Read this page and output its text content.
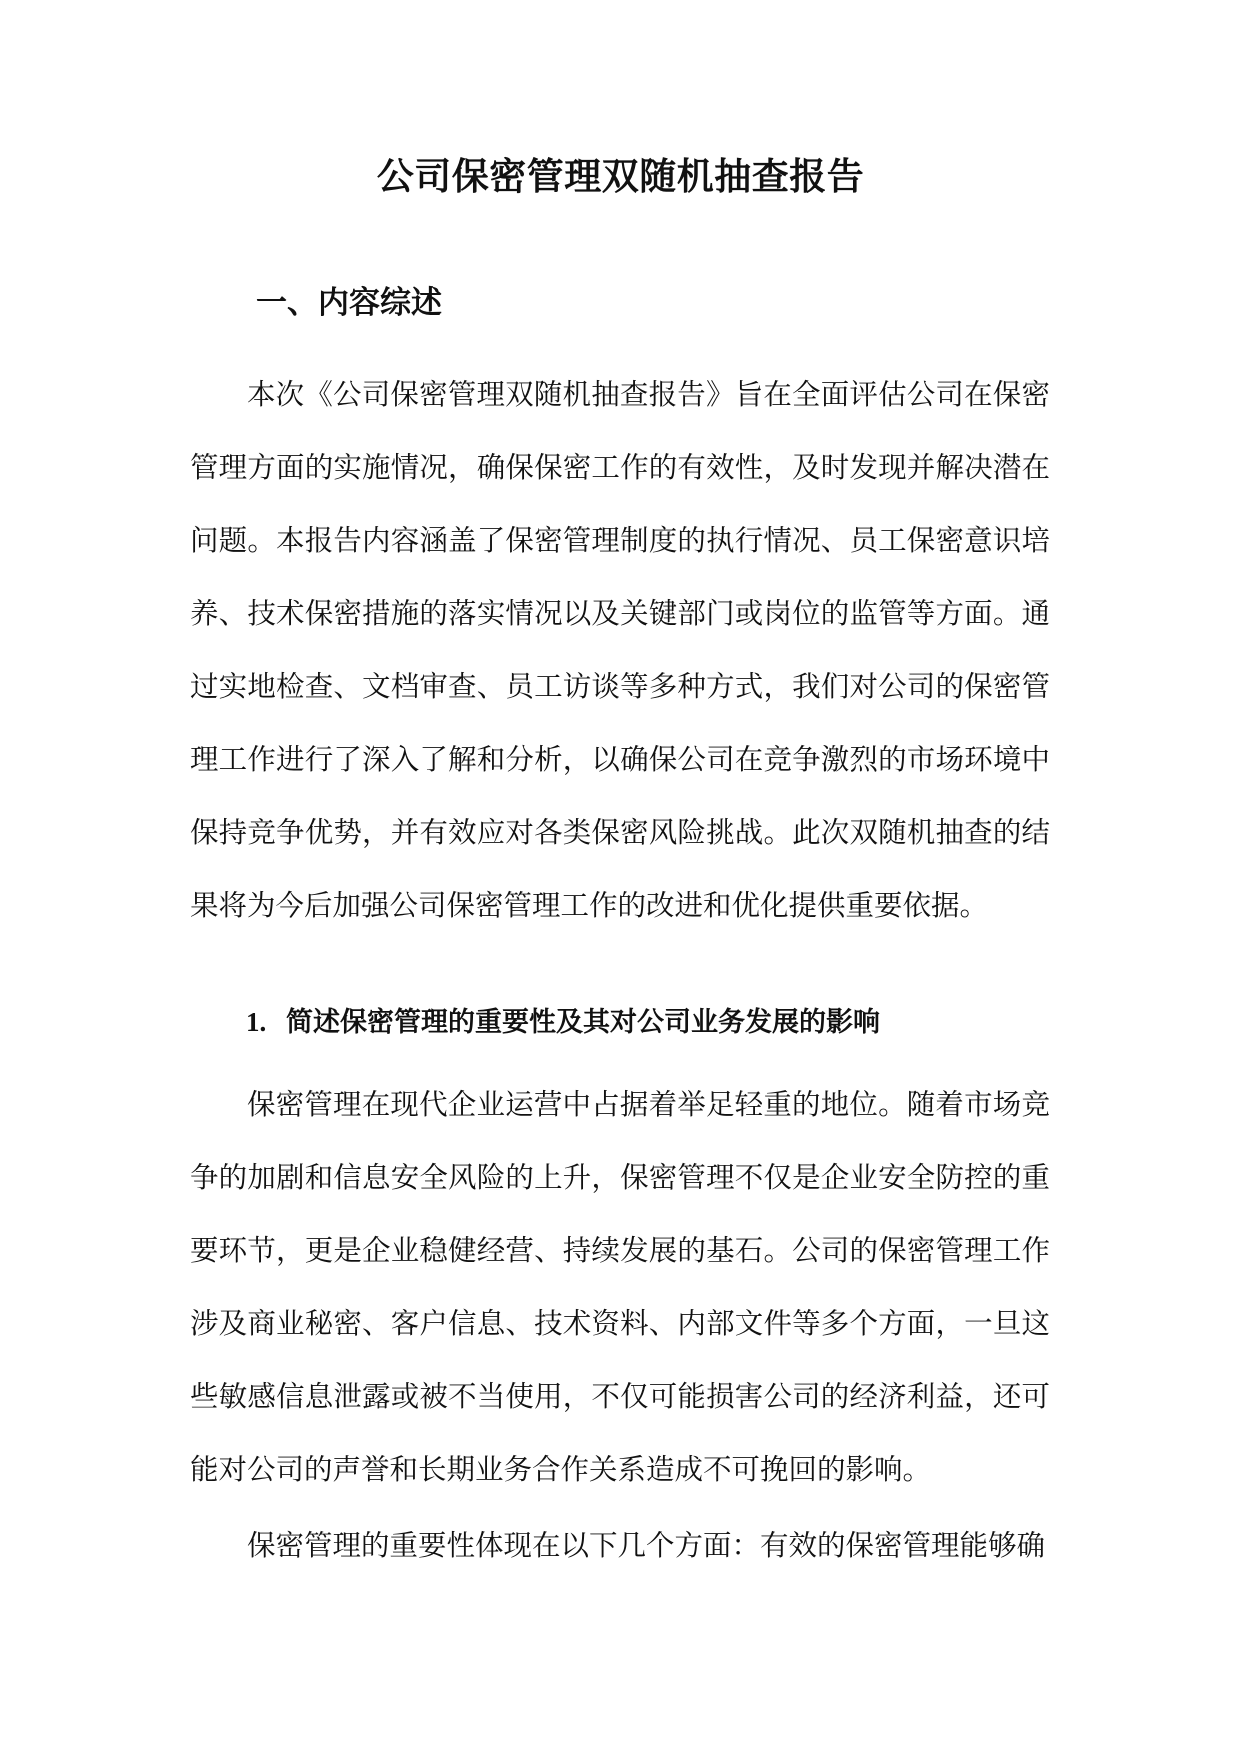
公司保密管理双随机抽查报告
一、内容综述

本次《公司保密管理双随机抽查报告》旨在全面评估公司在保密管理方面的实施情况，确保保密工作的有效性，及时发现并解决潜在问题。本报告内容涵盖了保密管理制度的执行情况、员工保密意识培养、技术保密措施的落实情况以及关键部门或岗位的监管等方面。通过实地检查、文档审查、员工访谈等多种方式，我们对公司的保密管理工作进行了深入了解和分析，以确保公司在竞争激烈的市场环境中保持竞争优势，并有效应对各类保密风险挑战。此次双随机抽查的结果将为今后加强公司保密管理工作的改进和优化提供重要依据。

1. 简述保密管理的重要性及其对公司业务发展的影响

保密管理在现代企业运营中占据着举足轻重的地位。随着市场竞争的加剧和信息安全风险的上升，保密管理不仅是企业安全防控的重要环节，更是企业稳健经营、持续发展的基石。公司的保密管理工作涉及商业秘密、客户信息、技术资料、内部文件等多个方面，一旦这些敏感信息泄露或被不当使用，不仅可能损害公司的经济利益，还可能对公司的声誉和长期业务合作关系造成不可挽回的影响。

保密管理的重要性体现在以下几个方面：有效的保密管理能够确
